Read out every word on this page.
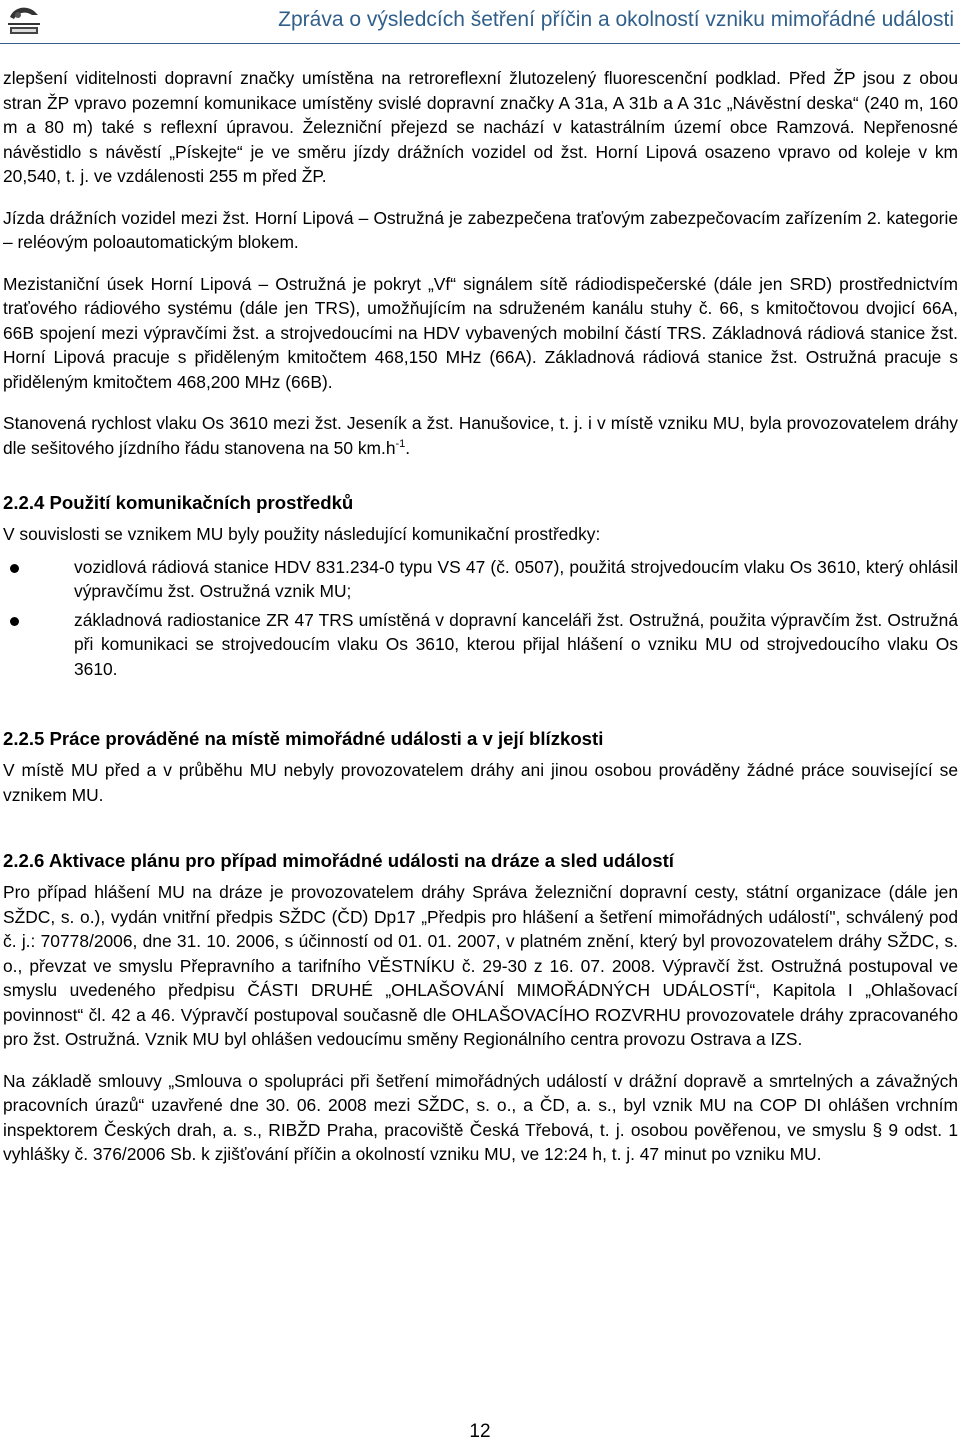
Zpráva o výsledcích šetření příčin a okolností vzniku mimořádné události

zlepšení viditelnosti dopravní značky umístěna na retroreflexní žlutozelený fluorescenční podklad. Před ŽP jsou z obou stran ŽP vpravo pozemní komunikace umístěny svislé dopravní značky A 31a, A 31b a A 31c „Návěstní deska“ (240 m, 160 m a 80 m) také s reflexní úpravou. Železniční přejezd se nachází v katastrálním území obce Ramzová. Nepřenosné návěstidlo s návěstí „Pískejte“ je ve směru jízdy drážních vozidel od žst. Horní Lipová osazeno vpravo od koleje v km 20,540, t. j. ve vzdálenosti 255 m před ŽP.

Jízda drážních vozidel mezi žst. Horní Lipová – Ostružná je zabezpečena traťovým zabezpečovacím zařízením 2. kategorie – reléovým poloautomatickým blokem.

Mezistaniční úsek Horní Lipová – Ostružná je pokryt „Vf“ signálem sítě rádiodispečerské (dále jen SRD) prostřednictvím traťového rádiového systému (dále jen TRS), umožňujícím na sdruženém kanálu stuhy č. 66, s kmitočtovou dvojicí 66A, 66B spojení mezi výpravčími žst. a strojvedoucími na HDV vybavených mobilní částí TRS. Základnová rádiová stanice žst. Horní Lipová pracuje s přiděleným kmitočtem 468,150 MHz (66A). Základnová rádiová stanice žst. Ostružná pracuje s přiděleným kmitočtem 468,200 MHz (66B).

Stanovená rychlost vlaku Os 3610 mezi žst. Jeseník a žst. Hanušovice, t. j. i v místě vzniku MU, byla provozovatelem dráhy dle sešitového jízdního řádu stanovena na 50 $km.h^{-1}$.

2.2.4 Použití komunikačních prostředků

V souvislosti se vznikem MU byly použity následující komunikační prostředky:

vozidlová rádiová stanice HDV 831.234-0 typu VS 47 (č. 0507), použitá strojvedoucím vlaku Os 3610, který ohlásil výpravčímu žst. Ostružná vznik MU;
základnová radiostanice ZR 47 TRS umístěná v dopravní kanceláři žst. Ostružná, použita výpravčím žst. Ostružná při komunikaci se strojvedoucím vlaku Os 3610, kterou přijal hlášení o vzniku MU od strojvedoucího vlaku Os 3610.
2.2.5 Práce prováděné na místě mimořádné události a v její blízkosti

V místě MU před a v průběhu MU nebyly provozovatelem dráhy ani jinou osobou prováděny žádné práce související se vznikem MU.

2.2.6 Aktivace plánu pro případ mimořádné události na dráze a sled událostí

Pro případ hlášení MU na dráze je provozovatelem dráhy Správa železniční dopravní cesty, státní organizace (dále jen SŽDC, s. o.), vydán vnitřní předpis SŽDC (ČD) Dp17 „Předpis pro hlášení a šetření mimořádných událostí", schválený pod č. j.: 70778/2006, dne 31. 10. 2006, s účinností od 01. 01. 2007, v platném znění, který byl provozovatelem dráhy SŽDC, s. o., převzat ve smyslu Přepravního a tarifního VĚSTNÍKU č. 29-30 z 16. 07. 2008. Výpravčí žst. Ostružná postupoval ve smyslu uvedeného předpisu ČÁSTI DRUHÉ „OHLAŠOVÁNÍ MIMOŘÁDNÝCH UDÁLOSTÍ“, Kapitola I „Ohlašovací povinnost“ čl. 42 a 46. Výpravčí postupoval současně dle OHLAŠOVACÍHO ROZVRHU provozovatele dráhy zpracovaného pro žst. Ostružná. Vznik MU byl ohlášen vedoucímu směny Regionálního centra provozu Ostrava a IZS.

Na základě smlouvy „Smlouva o spolupráci při šetření mimořádných událostí v drážní dopravě a smrtelných a závažných pracovních úrazů“ uzavřené dne 30. 06. 2008 mezi SŽDC, s. o., a ČD, a. s., byl vznik MU na COP DI ohlášen vrchním inspektorem Českých drah, a. s., RIBŽD Praha, pracoviště Česká Třebová, t. j. osobou pověřenou, ve smyslu § 9 odst. 1 vyhlášky č. 376/2006 Sb. k zjišťování příčin a okolností vzniku MU, ve 12:24 h, t. j. 47 minut po vzniku MU.

12
